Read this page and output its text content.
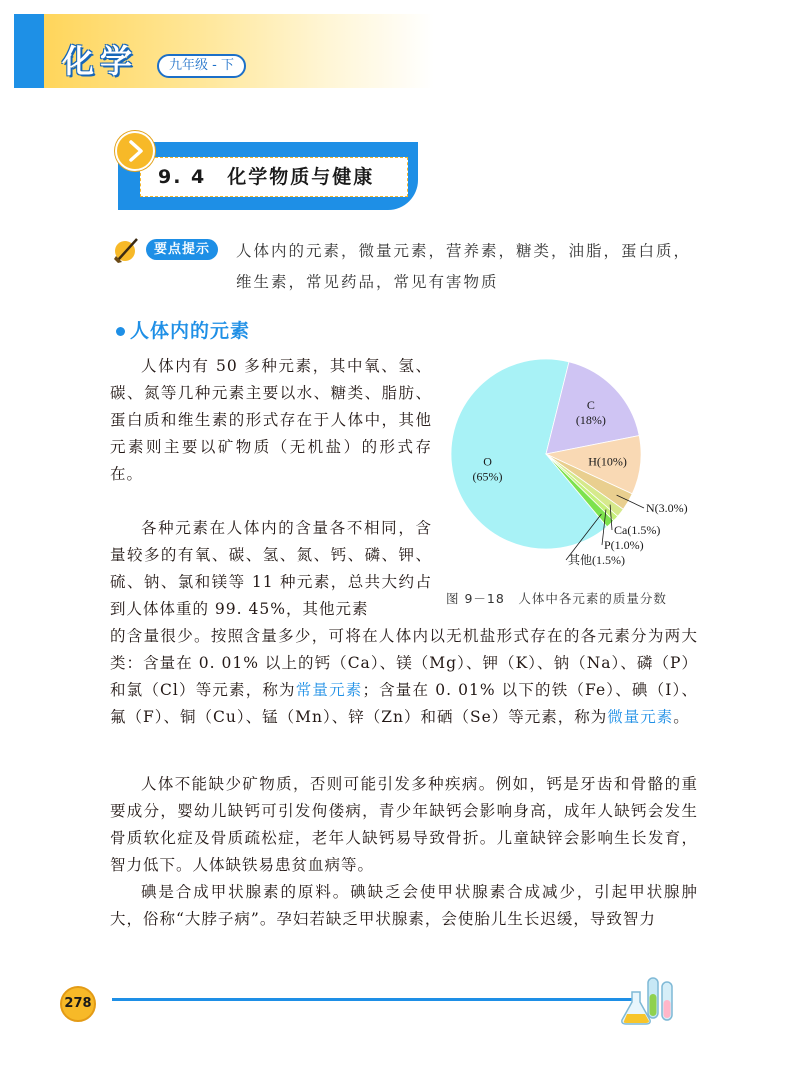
化学	九年级 - 下
9. 4　化学物质与健康
要点提示	人体内的元素，微量元素，营养素，糖类，油脂，蛋白质，
维生素，常见药品，常见有害物质
人体内的元素

人体内有 50 多种元素，其中氧、氢、碳、氮等几种元素主要以水、糖类、脂肪、蛋白质和维生素的形式存在于人体中，其他元素则主要以矿物质（无机盐）的形式存在。

各种元素在人体内的含量各不相同，含量较多的有氧、碳、氢、氮、钙、磷、钾、硫、钠、氯和镁等 11 种元素，总共大约占到人体体重的 99. 45%，其他元素

的含量很少。按照含量多少，可将在人体内以无机盐形式存在的各元素分为两大类：含量在 0. 01% 以上的钙（Ca）、镁（Mg）、钾（K）、钠（Na）、磷（P）和氯（Cl）等元素，称为常量元素；含量在 0. 01% 以下的铁（Fe）、碘（I）、氟（F）、铜（Cu）、锰（Mn）、锌（Zn）和硒（Se）等元素，称为微量元素。

人体不能缺少矿物质，否则可能引发多种疾病。例如，钙是牙齿和骨骼的重要成分，婴幼儿缺钙可引发佝偻病，青少年缺钙会影响身高，成年人缺钙会发生骨质软化症及骨质疏松症，老年人缺钙易导致骨折。儿童缺锌会影响生长发育，智力低下。人体缺铁易患贫血病等。

碘是合成甲状腺素的原料。碘缺乏会使甲状腺素合成减少，引起甲状腺肿大，俗称“大脖子病”。孕妇若缺乏甲状腺素，会使胎儿生长迟缓，导致智力

O
(65%)
C
(18%)
H(10%)
N(3.0%)
Ca(1.5%)
P(1.0%)
其他(1.5%)
图 9－18　人体中各元素的质量分数
278
